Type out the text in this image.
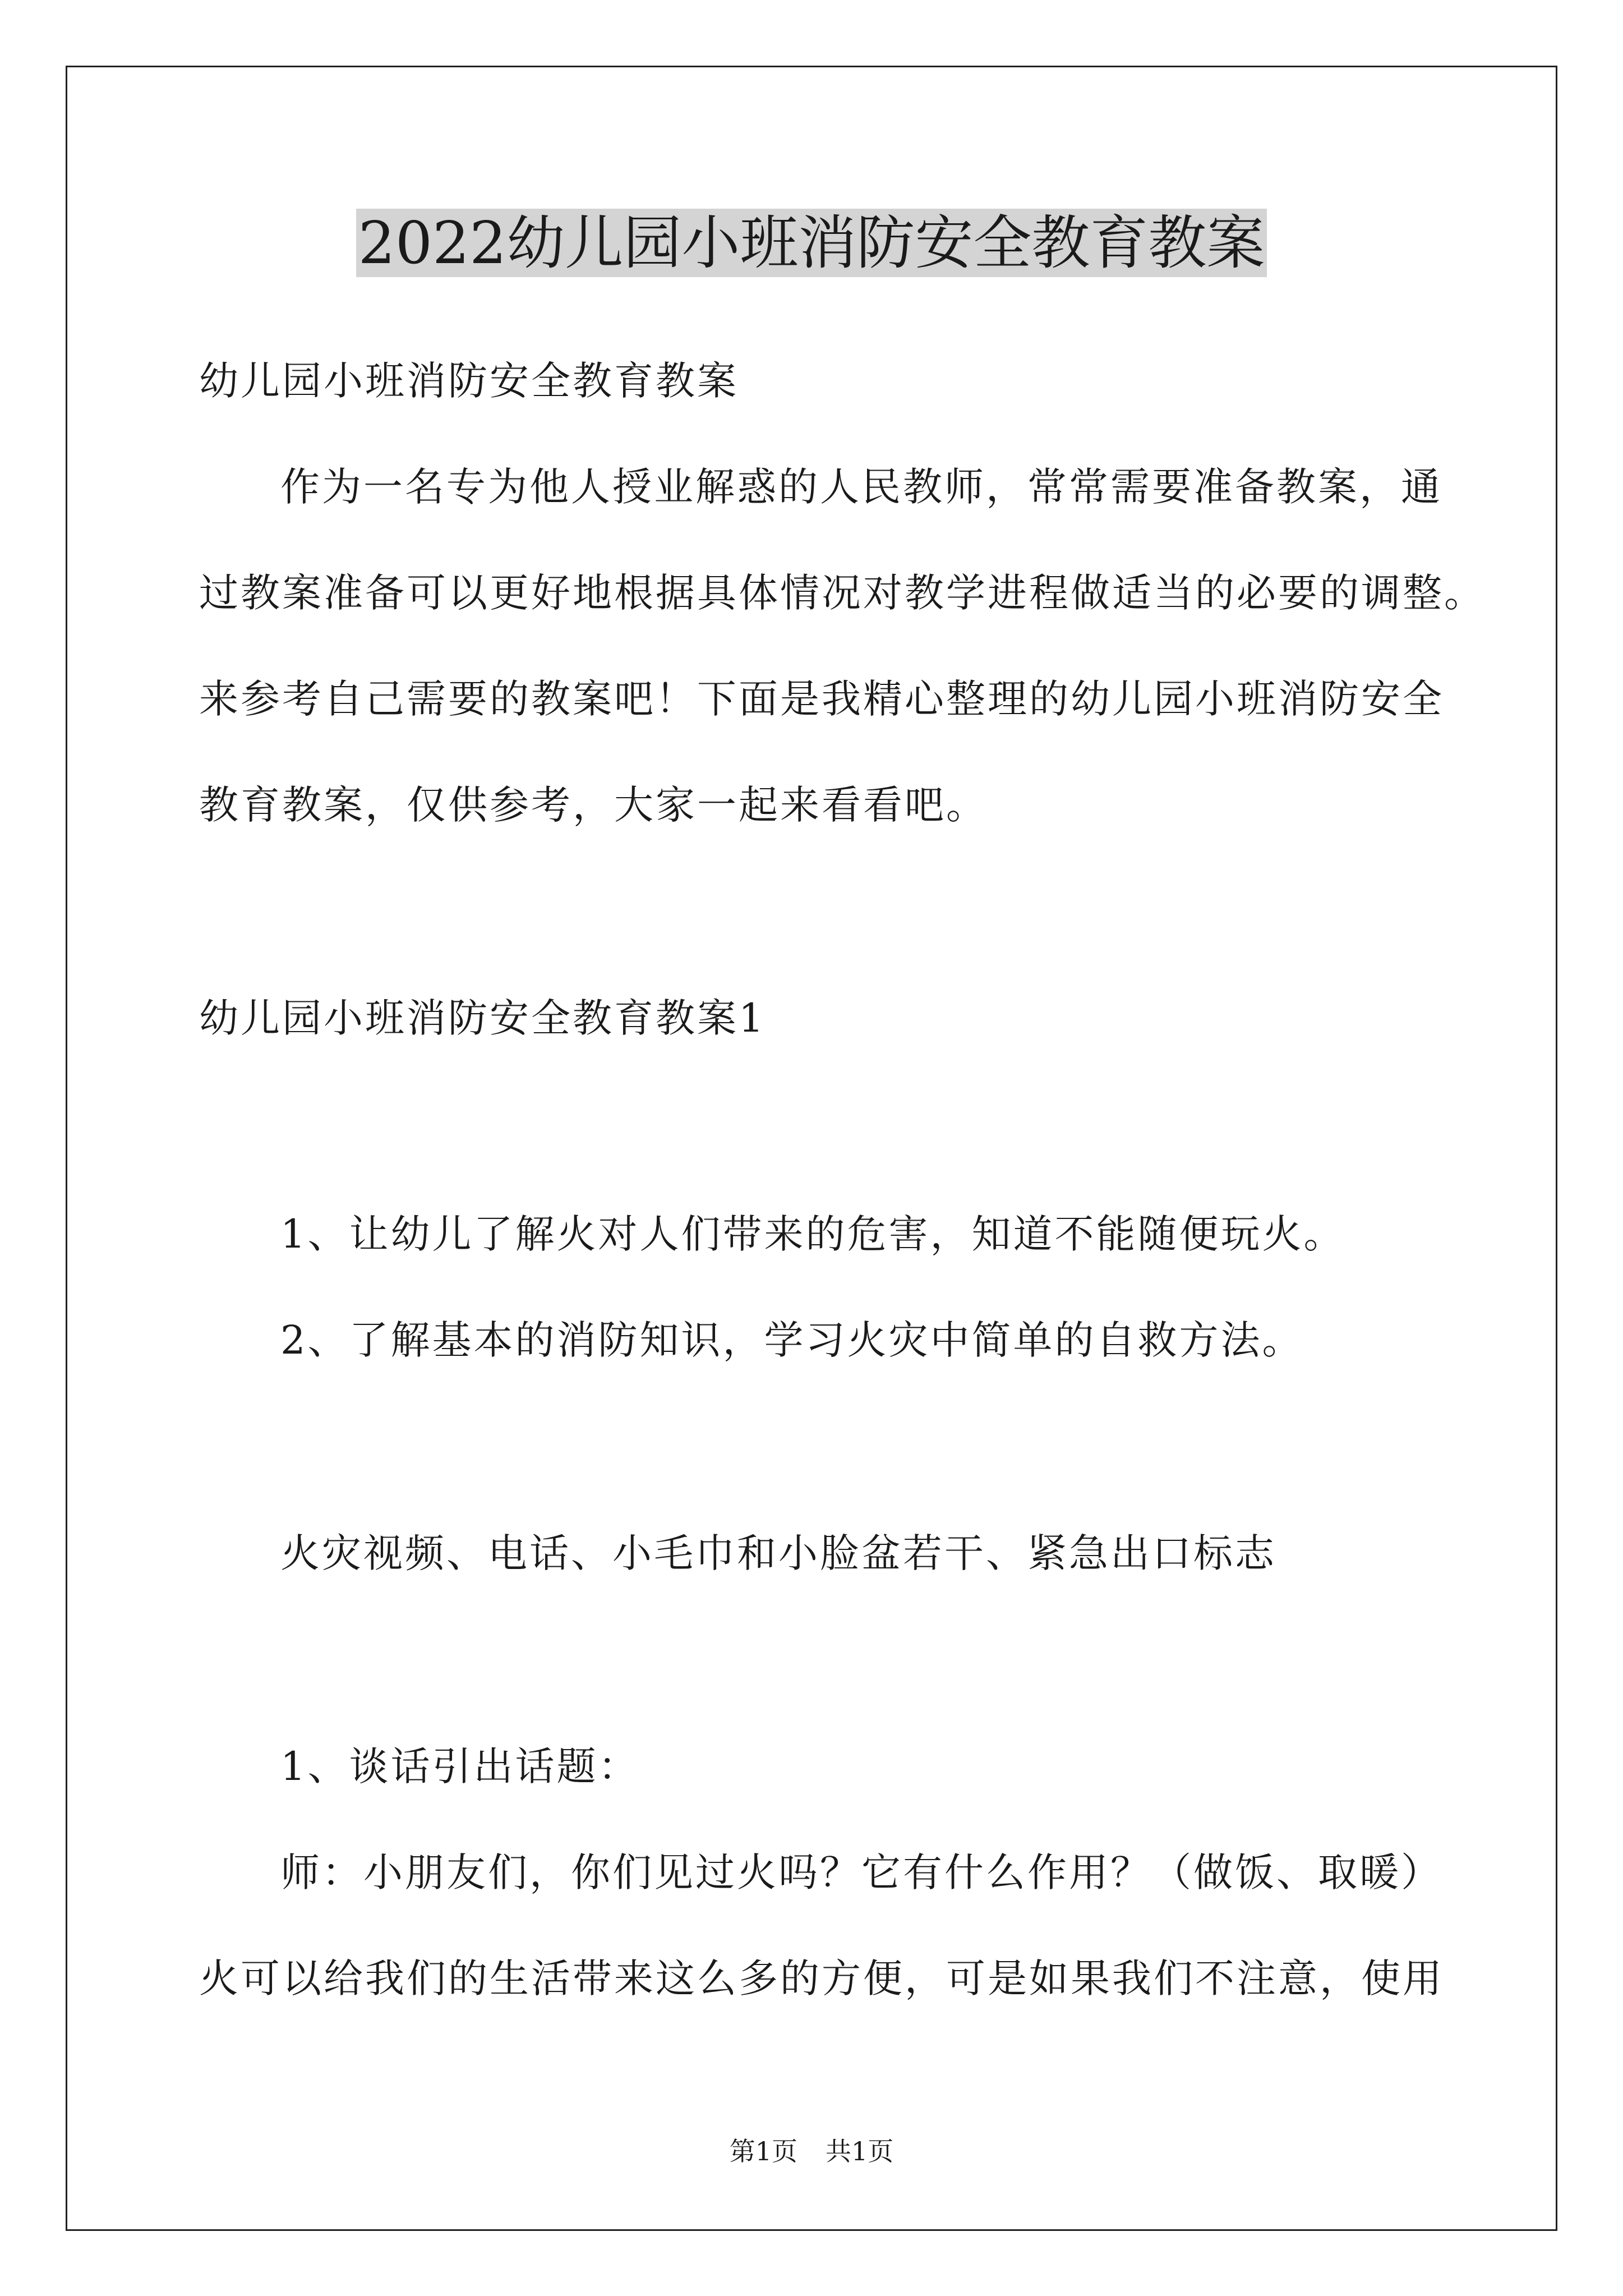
2022幼儿园小班消防安全教育教案
幼儿园小班消防安全教育教案
作为一名专为他人授业解惑的人民教师，常常需要准备教案，通
过教案准备可以更好地根据具体情况对教学进程做适当的必要的调整。
来参考自己需要的教案吧！下面是我精心整理的幼儿园小班消防安全
教育教案，仅供参考，大家一起来看看吧。
幼儿园小班消防安全教育教案1
1、让幼儿了解火对人们带来的危害，知道不能随便玩火。
2、了解基本的消防知识，学习火灾中简单的自救方法。
火灾视频、电话、小毛巾和小脸盆若干、紧急出口标志
1、谈话引出话题：
师：小朋友们，你们见过火吗？它有什么作用？（做饭、取暖）
火可以给我们的生活带来这么多的方便，可是如果我们不注意，使用
第1页 共1页
